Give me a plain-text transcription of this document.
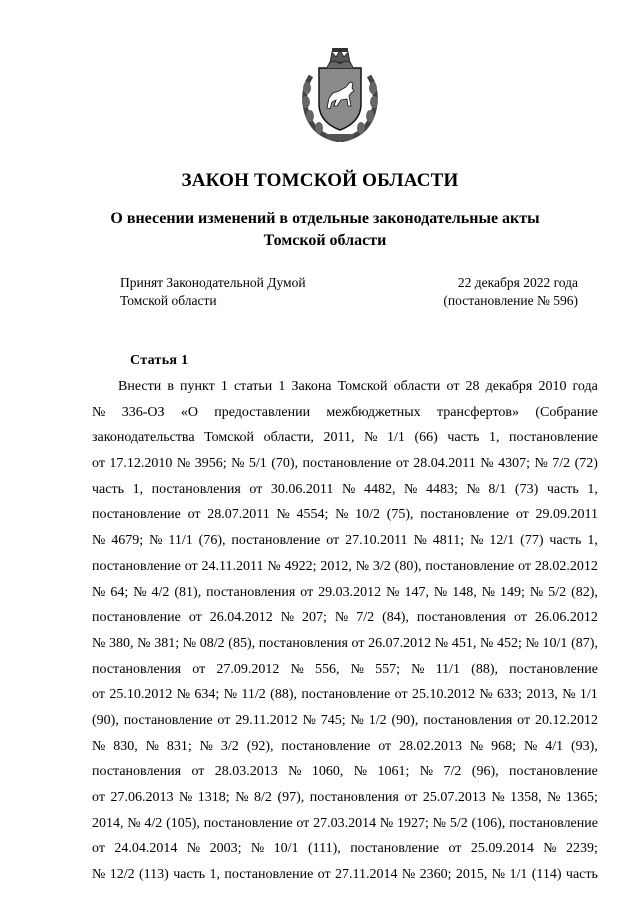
ЗАКОН ТОМСКОЙ ОБЛАСТИ
О внесении изменений в отдельные законодательные акты
Томской области
Принят Законодательной Думой
Томской области
22 декабря 2022 года
(постановление № 596)
Статья 1
Внести в пункт 1 статьи 1 Закона Томской области от 28 декабря 2010 года
№ 336-ОЗ «О предоставлении межбюджетных трансфертов» (Собрание
законодательства Томской области, 2011, № 1/1 (66) часть 1, постановление
от 17.12.2010 № 3956; № 5/1 (70), постановление от 28.04.2011 № 4307; № 7/2 (72)
часть 1, постановления от 30.06.2011 № 4482, № 4483; № 8/1 (73) часть 1,
постановление от 28.07.2011 № 4554; № 10/2 (75), постановление от 29.09.2011
№ 4679; № 11/1 (76), постановление от 27.10.2011 № 4811; № 12/1 (77) часть 1,
постановление от 24.11.2011 № 4922; 2012, № 3/2 (80), постановление от 28.02.2012
№ 64; № 4/2 (81), постановления от 29.03.2012 № 147, № 148, № 149; № 5/2 (82),
постановление от 26.04.2012 № 207; № 7/2 (84), постановления от 26.06.2012
№ 380, № 381; № 08/2 (85), постановления от 26.07.2012 № 451, № 452; № 10/1 (87),
постановления от 27.09.2012 № 556, № 557; № 11/1 (88), постановление
от 25.10.2012 № 634; № 11/2 (88), постановление от 25.10.2012 № 633; 2013, № 1/1
(90), постановление от 29.11.2012 № 745; № 1/2 (90), постановления от 20.12.2012
№ 830, № 831; № 3/2 (92), постановление от 28.02.2013 № 968; № 4/1 (93),
постановления от 28.03.2013 № 1060, № 1061; № 7/2 (96), постановление
от 27.06.2013 № 1318; № 8/2 (97), постановления от 25.07.2013 № 1358, № 1365;
2014, № 4/2 (105), постановление от 27.03.2014 № 1927; № 5/2 (106), постановление
от 24.04.2014 № 2003; № 10/1 (111), постановление от 25.09.2014 № 2239;
№ 12/2 (113) часть 1, постановление от 27.11.2014 № 2360; 2015, № 1/1 (114) часть
